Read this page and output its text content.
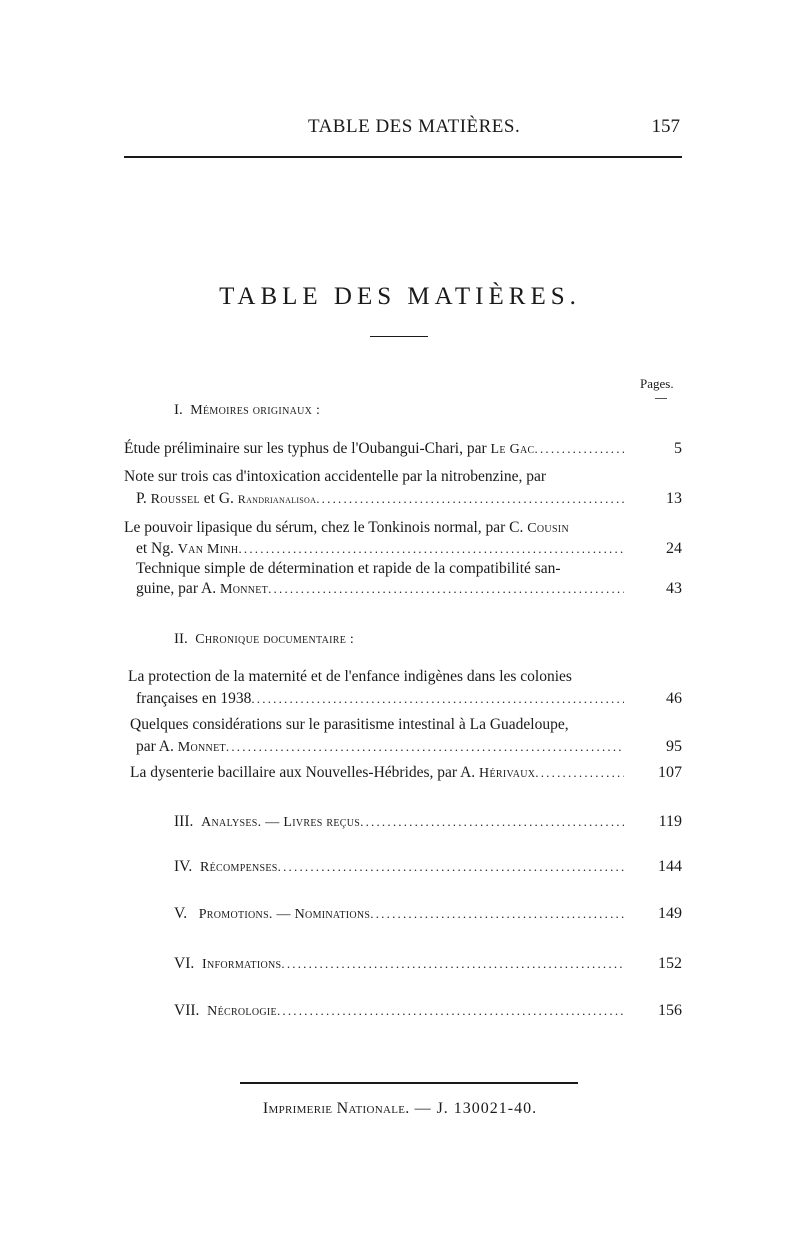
TABLE DES MATIÈRES.	157
TABLE DES MATIÈRES.
Pages.
I. Mémoires originaux :
Étude préliminaire sur les typhus de l'Oubangui-Chari, par Le Gac .....	5
Note sur trois cas d'intoxication accidentelle par la nitrobenzine, par
P. Roussel et G. Randrianalisoa .....	13
Le pouvoir lipasique du sérum, chez le Tonkinois normal, par C. Cousin
et Ng. Van Minh .....	24
Technique simple de détermination et rapide de la compatibilité san-
guine, par A. Monnet .....	43
II. Chronique documentaire :
La protection de la maternité et de l'enfance indigènes dans les colonies
françaises en 1938 .....	46
Quelques considérations sur le parasitisme intestinal à La Guadeloupe,
par A. Monnet .....	95
La dysenterie bacillaire aux Nouvelles-Hébrides, par A. Hérivaux .....	107
III. Analyses. — Livres reçus .....	119
IV. Récompenses .....	144
V. Promotions. — Nominations .....	149
VI. Informations .....	152
VII. Nécrologie .....	156
Imprimerie Nationale. — J. 130021-40.
